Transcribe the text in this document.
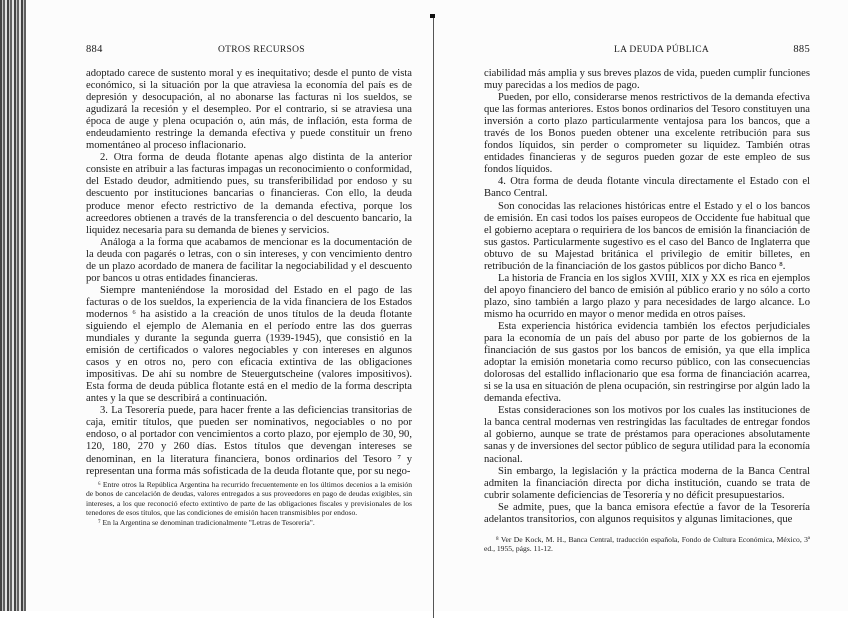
884	OTROS RECURSOS

adoptado carece de sustento moral y es inequitativo; desde el punto de vista económico, si la situación por la que atraviesa la economía del país es de depresión y desocupación, al no abonarse las facturas ni los sueldos, se agudizará la recesión y el desempleo. Por el contrario, si se atraviesa una época de auge y plena ocupación o, aún más, de inflación, esta forma de endeudamiento restringe la demanda efectiva y puede constituir un freno momentáneo al proceso inflacionario.

2. Otra forma de deuda flotante apenas algo distinta de la anterior consiste en atribuir a las facturas impagas un reconocimiento o conformidad, del Estado deudor, admitiendo pues, su transferibilidad por endoso y su descuento por instituciones bancarias o financieras. Con ello, la deuda produce menor efecto restrictivo de la demanda efectiva, porque los acreedores obtienen a través de la transferencia o del descuento bancario, la liquidez necesaria para su demanda de bienes y servicios.

Análoga a la forma que acabamos de mencionar es la documentación de la deuda con pagarés o letras, con o sin intereses, y con vencimiento dentro de un plazo acordado de manera de facilitar la negociabilidad y el descuento por bancos u otras entidades financieras.

Siempre manteniéndose la morosidad del Estado en el pago de las facturas o de los sueldos, la experiencia de la vida financiera de los Estados modernos ⁶ ha asistido a la creación de unos títulos de la deuda flotante siguiendo el ejemplo de Alemania en el período entre las dos guerras mundiales y durante la segunda guerra (1939-1945), que consistió en la emisión de certificados o valores negociables y con intereses en algunos casos y en otros no, pero con eficacia extintiva de las obligaciones impositivas. De ahí su nombre de Steuergutscheine (valores impositivos). Esta forma de deuda pública flotante está en el medio de la forma descripta antes y la que se describirá a continuación.

3. La Tesorería puede, para hacer frente a las deficiencias transitorias de caja, emitir títulos, que pueden ser nominativos, negociables o no por endoso, o al portador con vencimientos a corto plazo, por ejemplo de 30, 90, 120, 180, 270 y 260 días. Estos títulos que devengan intereses se denominan, en la literatura financiera, bonos ordinarios del Tesoro ⁷ y representan una forma más sofisticada de la deuda flotante que, por su nego-

⁶ Entre otros la República Argentina ha recurrido frecuentemente en los últimos decenios a la emisión de bonos de cancelación de deudas, valores entregados a sus proveedores en pago de deudas exigibles, sin intereses, a los que reconoció efecto extintivo de parte de las obligaciones fiscales y previsionales de los tenedores de esos títulos, que las condiciones de emisión hacen transmisibles por endoso.

⁷ En la Argentina se denominan tradicionalmente "Letras de Tesorería".

LA DEUDA PÚBLICA	885

ciabilidad más amplia y sus breves plazos de vida, pueden cumplir funciones muy parecidas a los medios de pago.

Pueden, por ello, considerarse menos restrictivos de la demanda efectiva que las formas anteriores. Estos bonos ordinarios del Tesoro constituyen una inversión a corto plazo particularmente ventajosa para los bancos, que a través de los Bonos pueden obtener una excelente retribución para sus fondos líquidos, sin perder o comprometer su liquidez. También otras entidades financieras y de seguros pueden gozar de este empleo de sus fondos líquidos.

4. Otra forma de deuda flotante vincula directamente el Estado con el Banco Central.

Son conocidas las relaciones históricas entre el Estado y el o los bancos de emisión. En casi todos los países europeos de Occidente fue habitual que el gobierno aceptara o requiriera de los bancos de emisión la financiación de sus gastos. Particularmente sugestivo es el caso del Banco de Inglaterra que obtuvo de su Majestad británica el privilegio de emitir billetes, en retribución de la financiación de los gastos públicos por dicho Banco ⁸.

La historia de Francia en los siglos XVIII, XIX y XX es rica en ejemplos del apoyo financiero del banco de emisión al público erario y no sólo a corto plazo, sino también a largo plazo y para necesidades de largo alcance. Lo mismo ha ocurrido en mayor o menor medida en otros países.

Esta experiencia histórica evidencia también los efectos perjudiciales para la economía de un país del abuso por parte de los gobiernos de la financiación de sus gastos por los bancos de emisión, ya que ella implica adoptar la emisión monetaria como recurso público, con las consecuencias dolorosas del estallido inflacionario que esa forma de financiación acarrea, si se la usa en situación de plena ocupación, sin restringirse por algún lado la demanda efectiva.

Estas consideraciones son los motivos por los cuales las instituciones de la banca central modernas ven restringidas las facultades de entregar fondos al gobierno, aunque se trate de préstamos para operaciones absolutamente sanas y de inversiones del sector público de segura utilidad para la economía nacional.

Sin embargo, la legislación y la práctica moderna de la Banca Central admiten la financiación directa por dicha institución, cuando se trata de cubrir solamente deficiencias de Tesorería y no déficit presupuestarios.

Se admite, pues, que la banca emisora efectúe a favor de la Tesorería adelantos transitorios, con algunos requisitos y algunas limitaciones, que

⁸ Ver De Kock, M. H., Banca Central, traducción española, Fondo de Cultura Económica, México, 3ª ed., 1955, págs. 11-12.
